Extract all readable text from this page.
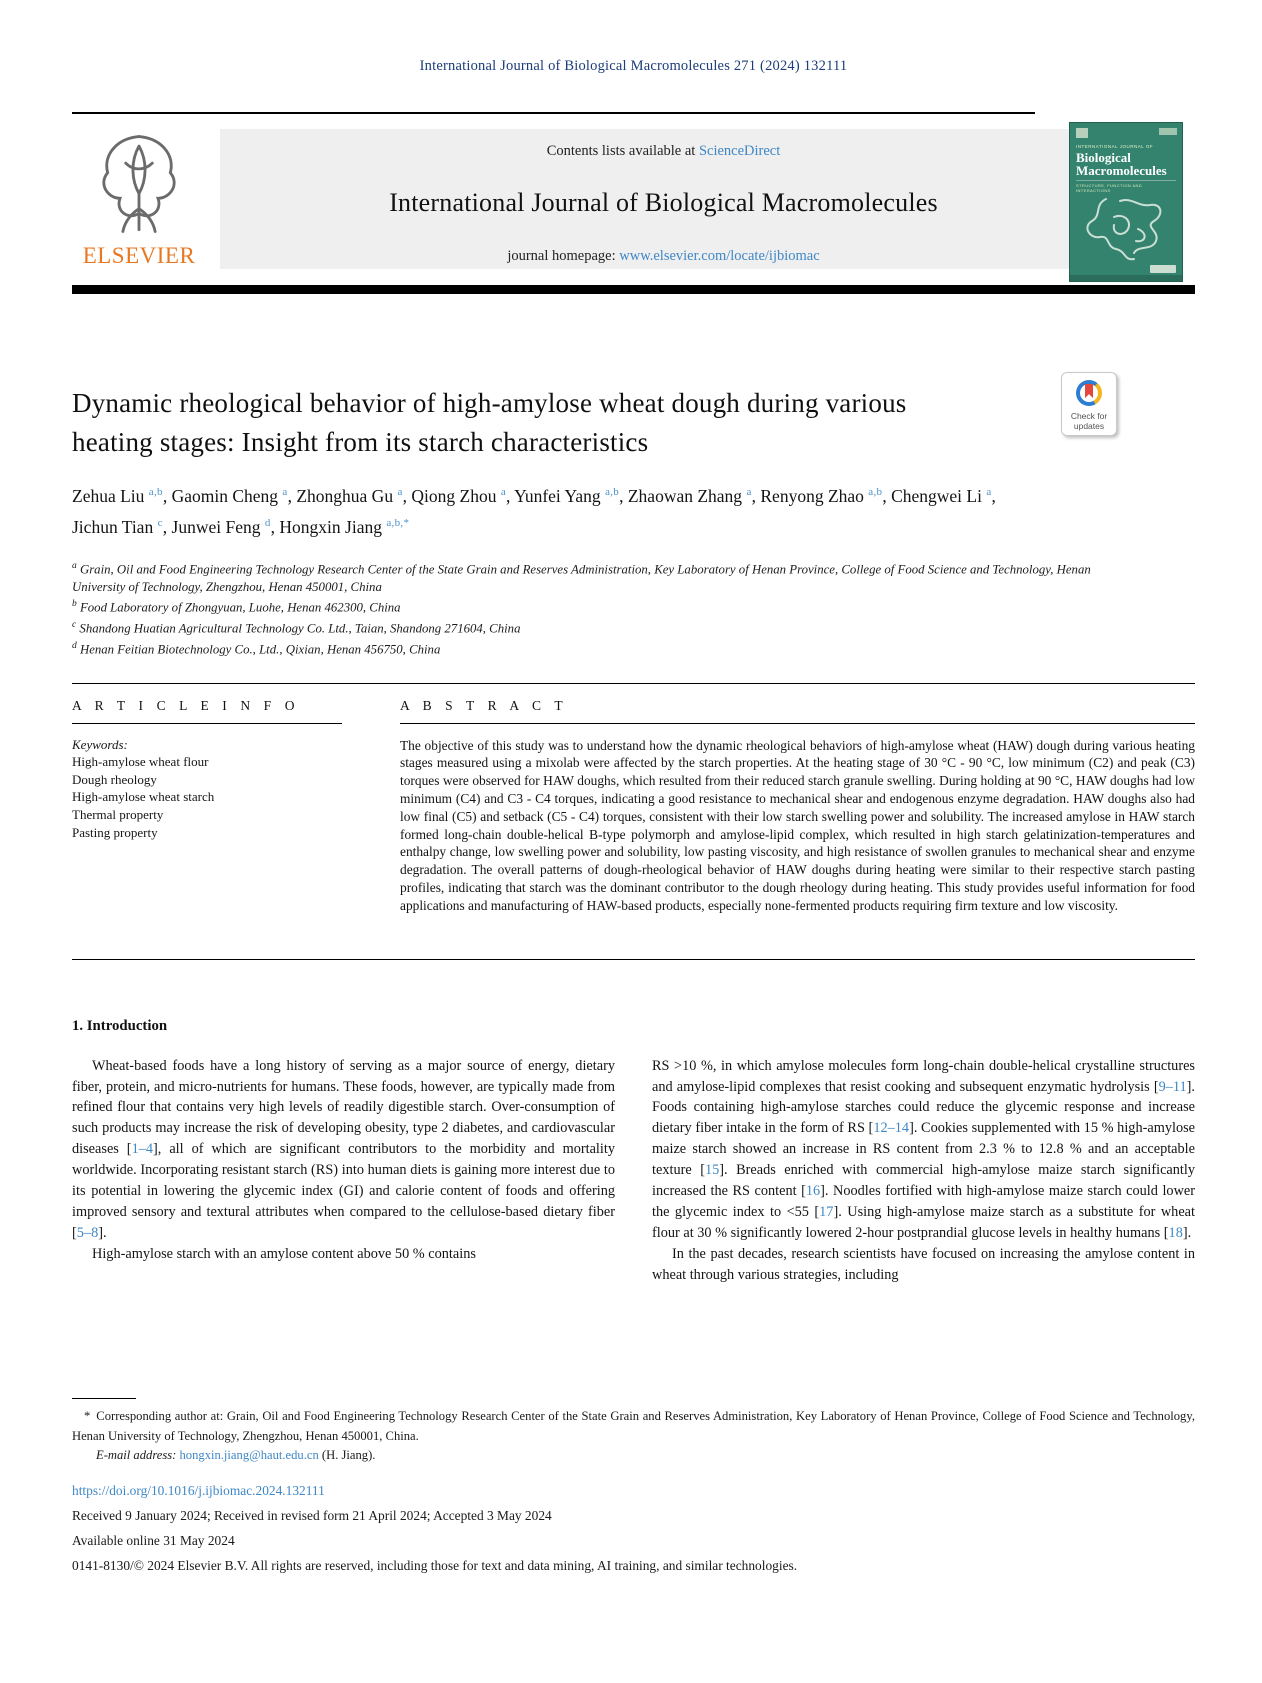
International Journal of Biological Macromolecules 271 (2024) 132111
ELSEVIER
Contents lists available at ScienceDirect
International Journal of Biological Macromolecules
journal homepage: www.elsevier.com/locate/ijbiomac
INTERNATIONAL JOURNAL OF
Biological Macromolecules
STRUCTURE, FUNCTION AND INTERACTIONS
Dynamic rheological behavior of high-amylose wheat dough during various heating stages: Insight from its starch characteristics
Check for updates

Zehua Liu $^{a,b}$, Gaomin Cheng $^a$, Zhonghua Gu $^a$, Qiong Zhou $^a$, Yunfei Yang $^{a,b}$, Zhaowan Zhang $^a$, Renyong Zhao $^{a,b}$, Chengwei Li $^a$, Jichun Tian $^c$, Junwei Feng $^d$, Hongxin Jiang $^{a,b,*}$

$^a$ Grain, Oil and Food Engineering Technology Research Center of the State Grain and Reserves Administration, Key Laboratory of Henan Province, College of Food Science and Technology, Henan University of Technology, Zhengzhou, Henan 450001, China
$^b$ Food Laboratory of Zhongyuan, Luohe, Henan 462300, China
$^c$ Shandong Huatian Agricultural Technology Co. Ltd., Taian, Shandong 271604, China
$^d$ Henan Feitian Biotechnology Co., Ltd., Qixian, Henan 456750, China
A R T I C L E I N F O
Keywords:
High-amylose wheat flour
Dough rheology
High-amylose wheat starch
Thermal property
Pasting property
A B S T R A C T

The objective of this study was to understand how the dynamic rheological behaviors of high-amylose wheat (HAW) dough during various heating stages measured using a mixolab were affected by the starch properties. At the heating stage of 30 °C - 90 °C, low minimum (C2) and peak (C3) torques were observed for HAW doughs, which resulted from their reduced starch granule swelling. During holding at 90 °C, HAW doughs had low minimum (C4) and C3 - C4 torques, indicating a good resistance to mechanical shear and endogenous enzyme degradation. HAW doughs also had low final (C5) and setback (C5 - C4) torques, consistent with their low starch swelling power and solubility. The increased amylose in HAW starch formed long-chain double-helical B-type polymorph and amylose-lipid complex, which resulted in high starch gelatinization-temperatures and enthalpy change, low swelling power and solubility, low pasting viscosity, and high resistance of swollen granules to mechanical shear and enzyme degradation. The overall patterns of dough-rheological behavior of HAW doughs during heating were similar to their respective starch pasting profiles, indicating that starch was the dominant contributor to the dough rheology during heating. This study provides useful information for food applications and manufacturing of HAW-based products, especially none-fermented products requiring firm texture and low viscosity.

1. Introduction

Wheat-based foods have a long history of serving as a major source of energy, dietary fiber, protein, and micro-nutrients for humans. These foods, however, are typically made from refined flour that contains very high levels of readily digestible starch. Over-consumption of such products may increase the risk of developing obesity, type 2 diabetes, and cardiovascular diseases [1–4], all of which are significant contributors to the morbidity and mortality worldwide. Incorporating resistant starch (RS) into human diets is gaining more interest due to its potential in lowering the glycemic index (GI) and calorie content of foods and offering improved sensory and textural attributes when compared to the cellulose-based dietary fiber [5–8].

High-amylose starch with an amylose content above 50 % contains

RS >10 %, in which amylose molecules form long-chain double-helical crystalline structures and amylose-lipid complexes that resist cooking and subsequent enzymatic hydrolysis [9–11]. Foods containing high-amylose starches could reduce the glycemic response and increase dietary fiber intake in the form of RS [12–14]. Cookies supplemented with 15 % high-amylose maize starch showed an increase in RS content from 2.3 % to 12.8 % and an acceptable texture [15]. Breads enriched with commercial high-amylose maize starch significantly increased the RS content [16]. Noodles fortified with high-amylose maize starch could lower the glycemic index to <55 [17]. Using high-amylose maize starch as a substitute for wheat flour at 30 % significantly lowered 2-hour postprandial glucose levels in healthy humans [18].

In the past decades, research scientists have focused on increasing the amylose content in wheat through various strategies, including

* Corresponding author at: Grain, Oil and Food Engineering Technology Research Center of the State Grain and Reserves Administration, Key Laboratory of Henan Province, College of Food Science and Technology, Henan University of Technology, Zhengzhou, Henan 450001, China.
E-mail address: hongxin.jiang@haut.edu.cn (H. Jiang).
https://doi.org/10.1016/j.ijbiomac.2024.132111
Received 9 January 2024; Received in revised form 21 April 2024; Accepted 3 May 2024
Available online 31 May 2024
0141-8130/© 2024 Elsevier B.V. All rights are reserved, including those for text and data mining, AI training, and similar technologies.
